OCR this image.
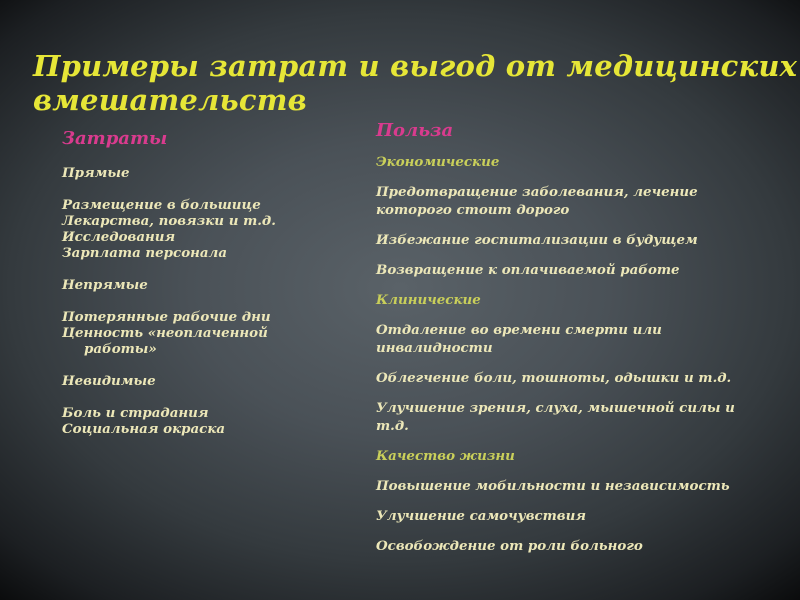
Примеры затрат и выгод от медицинских
вмешательств
Затраты
Прямые
Размещение в большице
Лекарства, повязки и т.д.
Исследования
Зарплата персонала
Непрямые
Потерянные рабочие дни
Ценность «неоплаченной
работы»
Невидимые
Боль и страдания
Социальная окраска
Польза
Экономические
Предотвращение заболевания, лечение которого стоит дорого
Избежание госпитализации в будущем
Возвращение к оплачиваемой работе
Клинические
Отдаление во времени смерти или инвалидности
Облегчение боли, тошноты, одышки и т.д.
Улучшение зрения, слуха, мышечной силы и т.д.
Качество жизни
Повышение мобильности и независимость
Улучшение самочувствия
Освобождение от роли больного
